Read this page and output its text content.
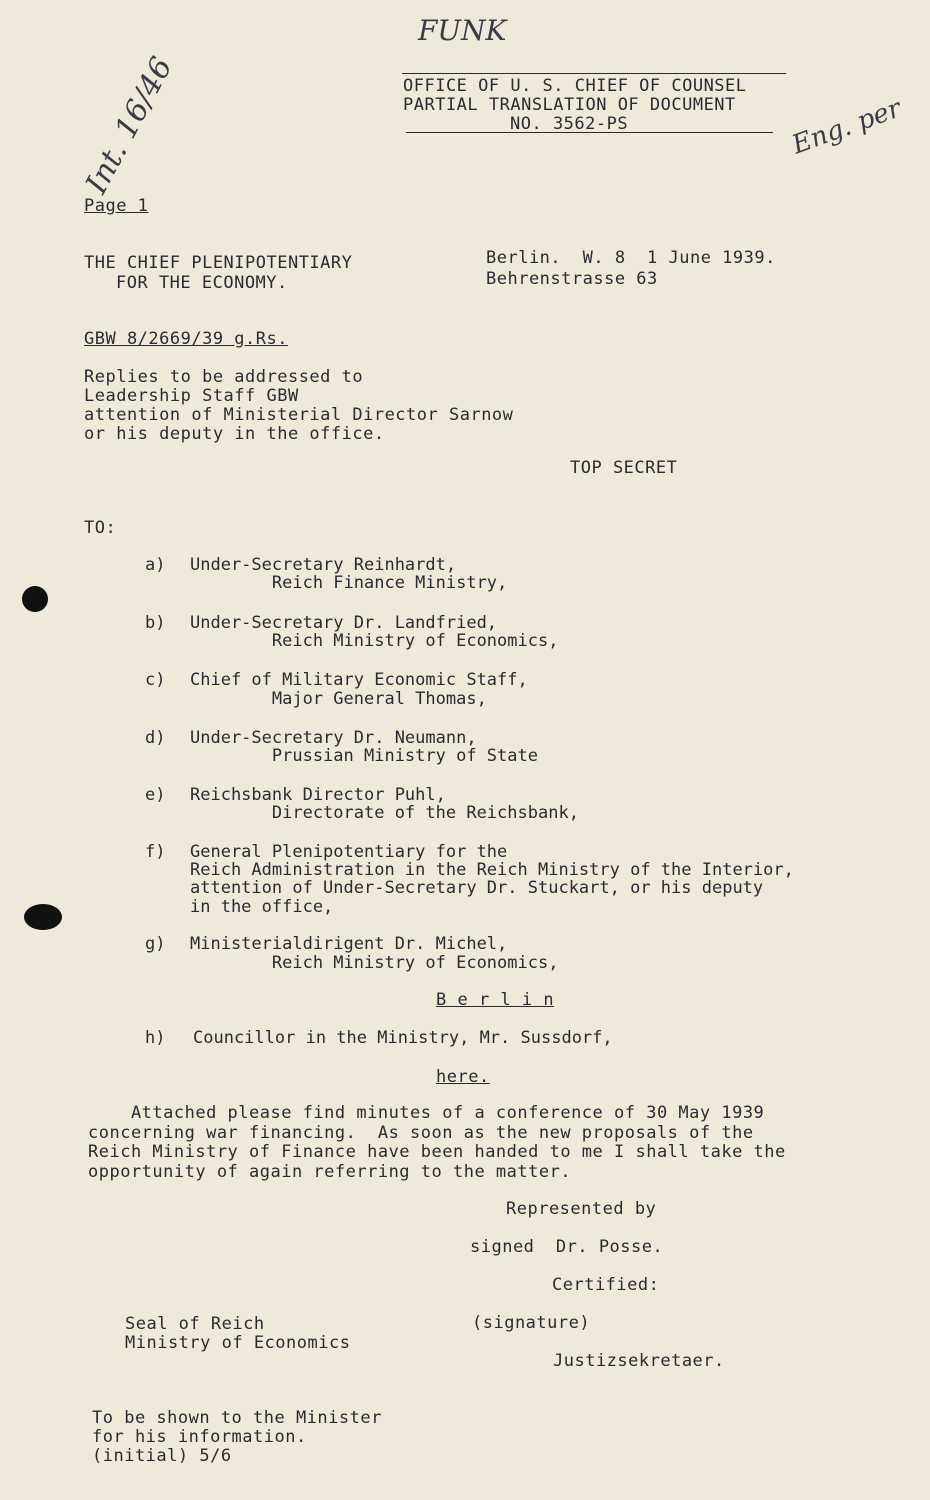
FUNK
Int. 16/46	Eng. per
OFFICE OF U. S. CHIEF OF COUNSEL
PARTIAL TRANSLATION OF DOCUMENT
NO. 3562-PS
Page 1
THE CHIEF PLENIPOTENTIARY
FOR THE ECONOMY.
Berlin.  W. 8  1 June 1939.
Behrenstrasse 63
GBW 8/2669/39 g.Rs.
Replies to be addressed to
Leadership Staff GBW
attention of Ministerial Director Sarnow
or his deputy in the office.
TOP SECRET
TO:
a) Under-Secretary Reinhardt,
Reich Finance Ministry,
b) Under-Secretary Dr. Landfried,
Reich Ministry of Economics,
c) Chief of Military Economic Staff,
Major General Thomas,
d) Under-Secretary Dr. Neumann,
Prussian Ministry of State
e) Reichsbank Director Puhl,
Directorate of the Reichsbank,
f) General Plenipotentiary for the
Reich Administration in the Reich Ministry of the Interior,
attention of Under-Secretary Dr. Stuckart, or his deputy
in the office,
g) Ministerialdirigent Dr. Michel,
Reich Ministry of Economics,
B e r l i n
h) Councillor in the Ministry, Mr. Sussdorf,
here.
Attached please find minutes of a conference of 30 May 1939
concerning war financing.  As soon as the new proposals of the
Reich Ministry of Finance have been handed to me I shall take the
opportunity of again referring to the matter.
Represented by
signed  Dr. Posse.
Certified:
(signature)
Justizsekretaer.
Seal of Reich
Ministry of Economics
To be shown to the Minister
for his information.
(initial) 5/6
